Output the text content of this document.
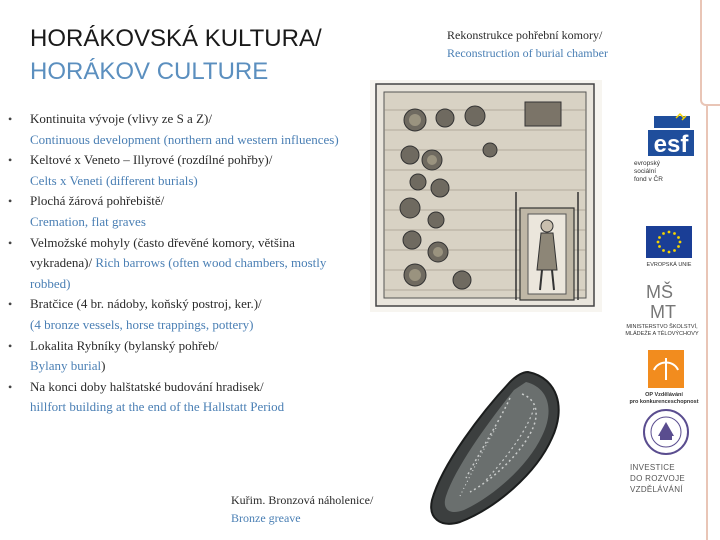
HORÁKOVSKÁ KULTURA/
HORÁKOV CULTURE
• Kontinuita vývoje (vlivy ze S a Z)/
Continuous development (northern and western influences)
• Keltové x Veneto – Illyrové (rozdílné pohřby)/
Celts x Veneti (different burials)
• Plochá žárová pohřebiště/
Cremation, flat graves
• Velmožské mohyly (často dřevěné komory, většina vykradena)/ Rich barrows (often wood chambers, mostly robbed)
• Bratčice (4 br. nádoby, koňský postroj, ker.)/
(4 bronze vessels, horse trappings, pottery)
• Lokalita Rybníky (bylanský pohřeb/
Bylany burial)
• Na konci doby halštatské budování hradisek/
hillfort building at the end of the Hallstatt Period
Rekonstrukce pohřební komory/
Reconstruction of burial chamber
Kuřim. Bronzová náholenice/
Bronze greave
esf
evropský
sociální
fond v ČR
EVROPSKÁ UNIE
MŠ
MT
MINISTERSTVO ŠKOLSTVÍ, MLÁDEŽE A TĚLOVÝCHOVY
OP Vzdělávání
pro konkurenceschopnost
INVESTICE
DO ROZVOJE
VZDĚLÁVÁNÍ
